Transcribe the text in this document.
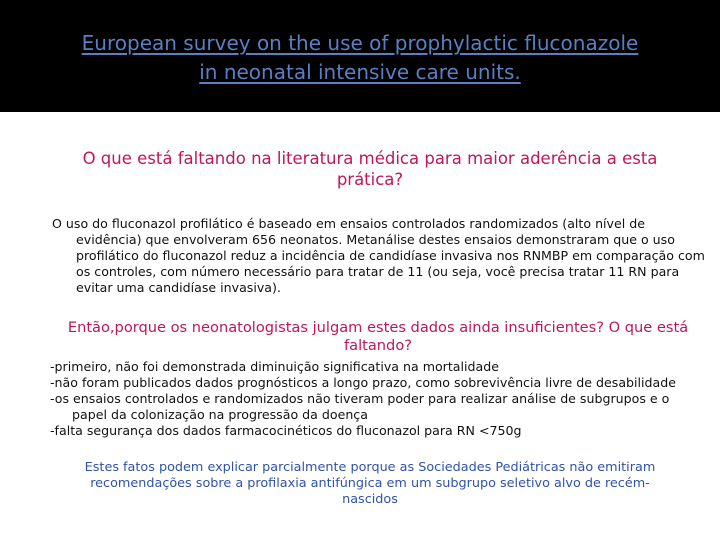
European survey on the use of prophylactic fluconazole in neonatal intensive care units.
O que está faltando na literatura médica para maior aderência a esta prática?
O uso do fluconazol profilático é baseado em ensaios controlados randomizados (alto nível de evidência) que envolveram 656 neonatos. Metanálise destes ensaios demonstraram que o uso profilático do fluconazol reduz a incidência de candidíase invasiva nos RNMBP em comparação com os controles, com número necessário para tratar de 11 (ou seja, você precisa tratar 11 RN para evitar uma candidíase invasiva).
Então,porque os neonatologistas julgam estes dados ainda insuficientes? O que está faltando?
-primeiro, não foi demonstrada diminuição significativa na mortalidade
-não foram publicados dados prognósticos a longo prazo, como sobrevivência livre de desabilidade
-os ensaios controlados e randomizados não tiveram poder para realizar análise de subgrupos e o papel da colonização na progressão da doença
-falta segurança dos dados farmacocinéticos do fluconazol para RN <750g
Estes fatos podem explicar parcialmente porque as Sociedades Pediátricas não emitiram recomendações sobre a profilaxia antifúngica em um subgrupo seletivo alvo de recém-nascidos
